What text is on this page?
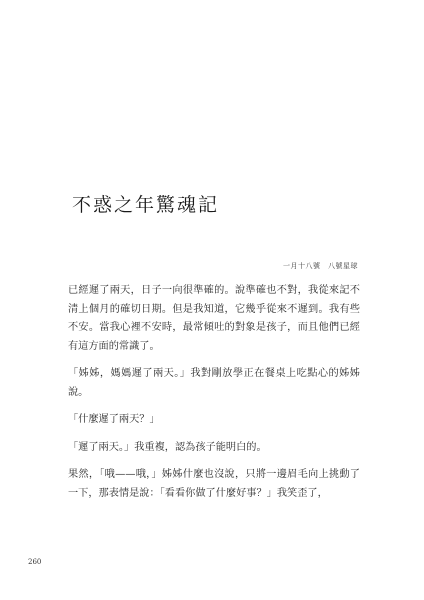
不惑之年驚魂記
一月十八號　八號星球

已經遲了兩天，日子一向很準確的。說準確也不對，我從來記不清上個月的確切日期。但是我知道，它幾乎從來不遲到。我有些不安。當我心裡不安時，最常傾吐的對象是孩子，而且他們已經有這方面的常識了。

「姊姊，媽媽遲了兩天。」我對剛放學正在餐桌上吃點心的姊姊說。

「什麼遲了兩天？」

「遲了兩天。」我重複，認為孩子能明白的。

果然，「哦——哦，」姊姊什麼也沒說，只將一邊眉毛向上挑動了一下，那表情是說：「看看你做了什麼好事？」我笑歪了，

260
